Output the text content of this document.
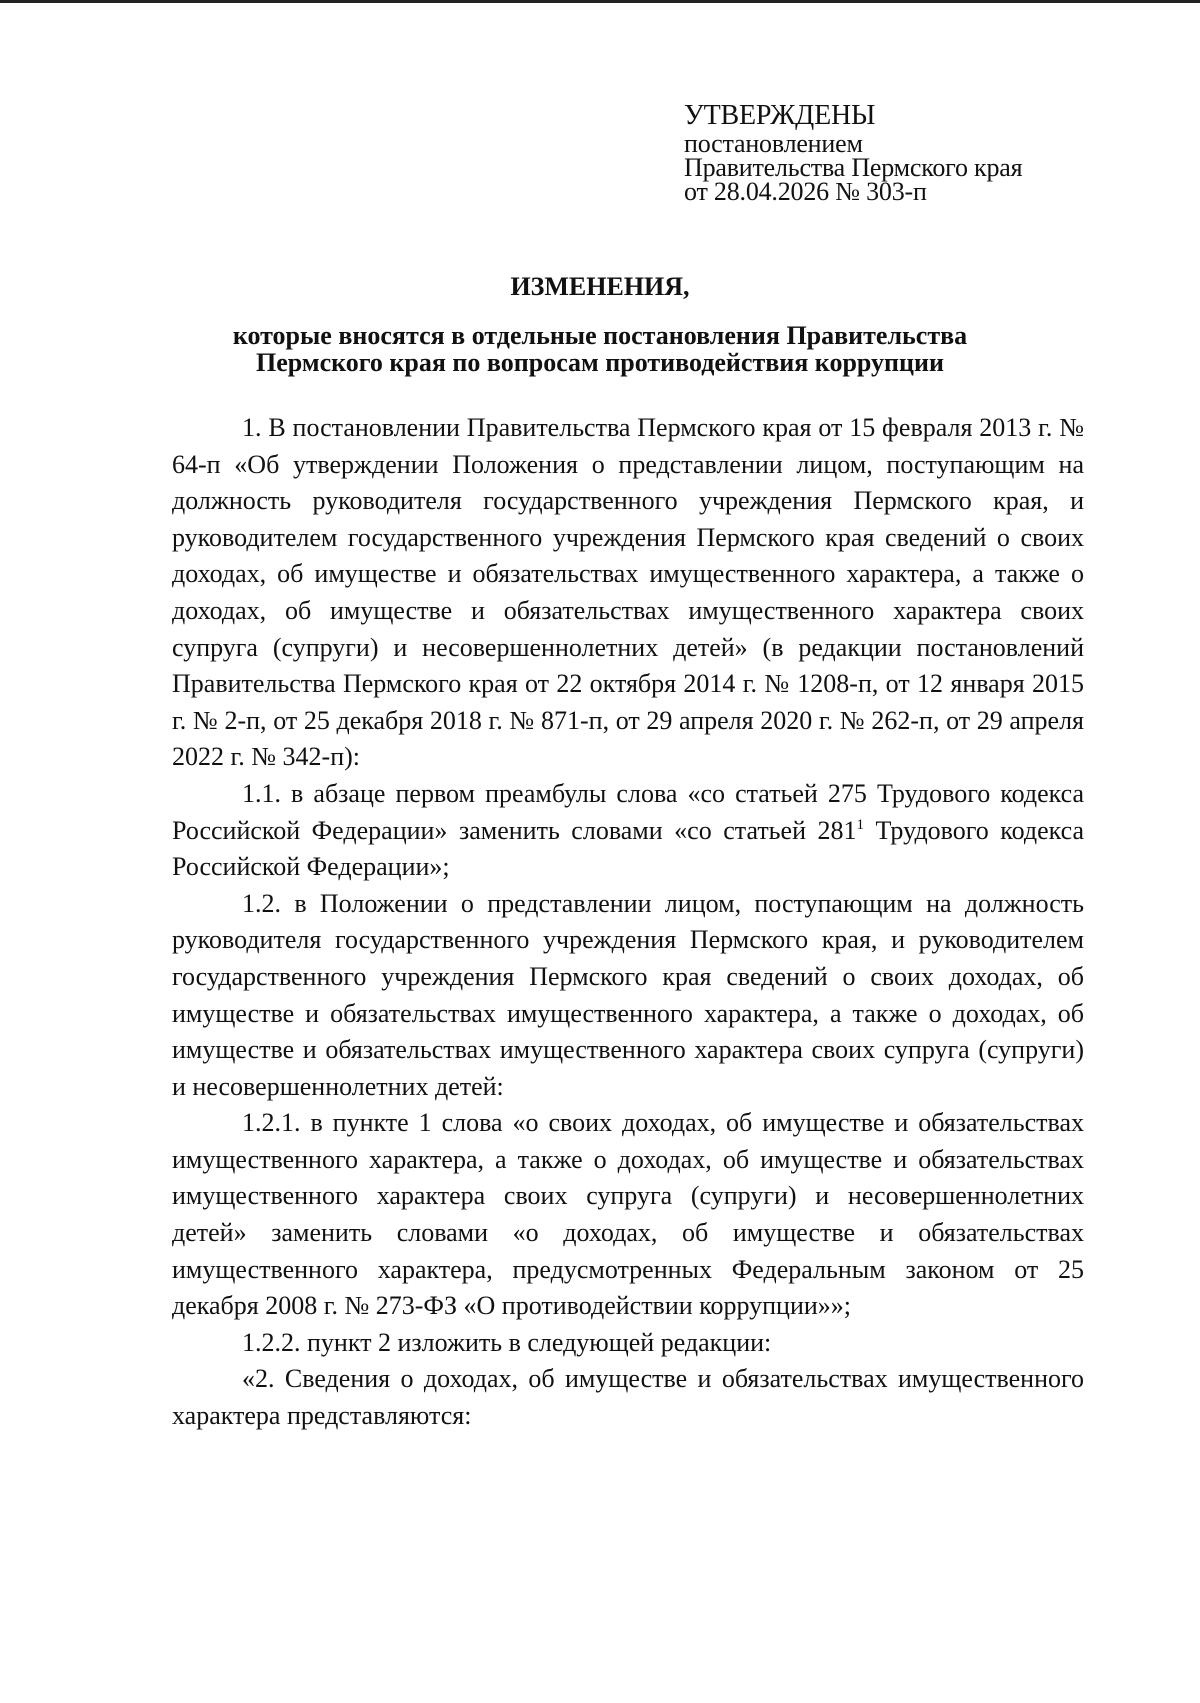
УТВЕРЖДЕНЫ
постановлением
Правительства Пермского края
от 28.04.2026 № 303-п
ИЗМЕНЕНИЯ,
которые вносятся в отдельные постановления Правительства
Пермского края по вопросам противодействия коррупции

1. В постановлении Правительства Пермского края от 15 февраля 2013 г. № 64-п «Об утверждении Положения о представлении лицом, поступающим на должность руководителя государственного учреждения Пермского края, и руководителем государственного учреждения Пермского края сведений о своих доходах, об имуществе и обязательствах имущественного характера, а также о доходах, об имуществе и обязательствах имущественного характера своих супруга (супруги) и несовершеннолетних детей» (в редакции постановлений Правительства Пермского края от 22 октября 2014 г. № 1208-п, от 12 января 2015 г. № 2-п, от 25 декабря 2018 г. № 871-п, от 29 апреля 2020 г. № 262-п, от 29 апреля 2022 г. № 342-п):

1.1. в абзаце первом преамбулы слова «со статьей 275 Трудового кодекса Российской Федерации» заменить словами «со статьей $281^1$ Трудового кодекса Российской Федерации»;

1.2. в Положении о представлении лицом, поступающим на должность руководителя государственного учреждения Пермского края, и руководителем государственного учреждения Пермского края сведений о своих доходах, об имуществе и обязательствах имущественного характера, а также о доходах, об имуществе и обязательствах имущественного характера своих супруга (супруги) и несовершеннолетних детей:

1.2.1. в пункте 1 слова «о своих доходах, об имуществе и обязательствах имущественного характера, а также о доходах, об имуществе и обязательствах имущественного характера своих супруга (супруги) и несовершеннолетних детей» заменить словами «о доходах, об имуществе и обязательствах имущественного характера, предусмотренных Федеральным законом от 25 декабря 2008 г. № 273-ФЗ «О противодействии коррупции»»;

1.2.2. пункт 2 изложить в следующей редакции:

«2. Сведения о доходах, об имуществе и обязательствах имущественного характера представляются:
